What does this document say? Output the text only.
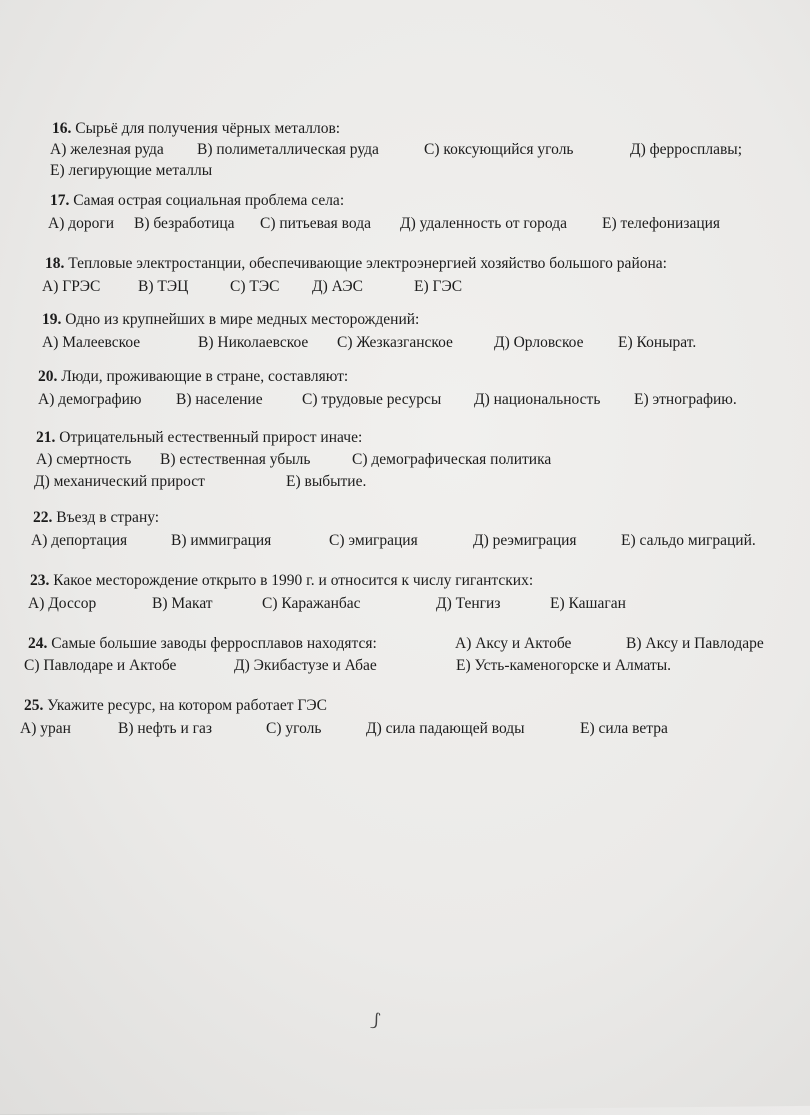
16. Сырьё для получения чёрных металлов:
А) железная руда В) полиметаллическая руда	С) коксующийся уголь	Д) ферросплавы;
Е) легирующие металлы
17. Самая острая социальная проблема села:
А) дороги В) безработица С) питьевая вода Д) удаленность от города Е) телефонизация
18. Тепловые электростанции, обеспечивающие электроэнергией хозяйство большого района:
А) ГРЭС В) ТЭЦ	С) ТЭС Д) АЭС	Е) ГЭС
19. Одно из крупнейших в мире медных месторождений:
А) Малеевское	В) Николаевское С) Жезказганское	Д) Орловское Е) Конырат.
20. Люди, проживающие в стране, составляют:
А) демографию В) население	С) трудовые ресурсы Д) национальность Е) этнографию.
21. Отрицательный естественный прирост иначе:
А) смертность В) естественная убыль	С) демографическая политика
Д) механический прирост	Е) выбытие.
22. Въезд в страну:
А) депортация	В) иммиграция	С) эмиграция	Д) реэмиграция	Е) сальдо миграций.
23. Какое месторождение открыто в 1990 г. и относится к числу гигантских:
А) Доссор	В) Макат	С) Каражанбас	Д) Тенгиз	Е) Кашаган
24. Самые большие заводы ферросплавов находятся:	А) Аксу и Актобе	В) Аксу и Павлодаре
С) Павлодаре и Актобе	Д) Экибастузе и Абае	Е) Усть-каменогорске и Алматы.
25. Укажите ресурс, на котором работает ГЭС
А) уран	В) нефть и газ	С) уголь	Д) сила падающей воды	Е) сила ветра
⟆
